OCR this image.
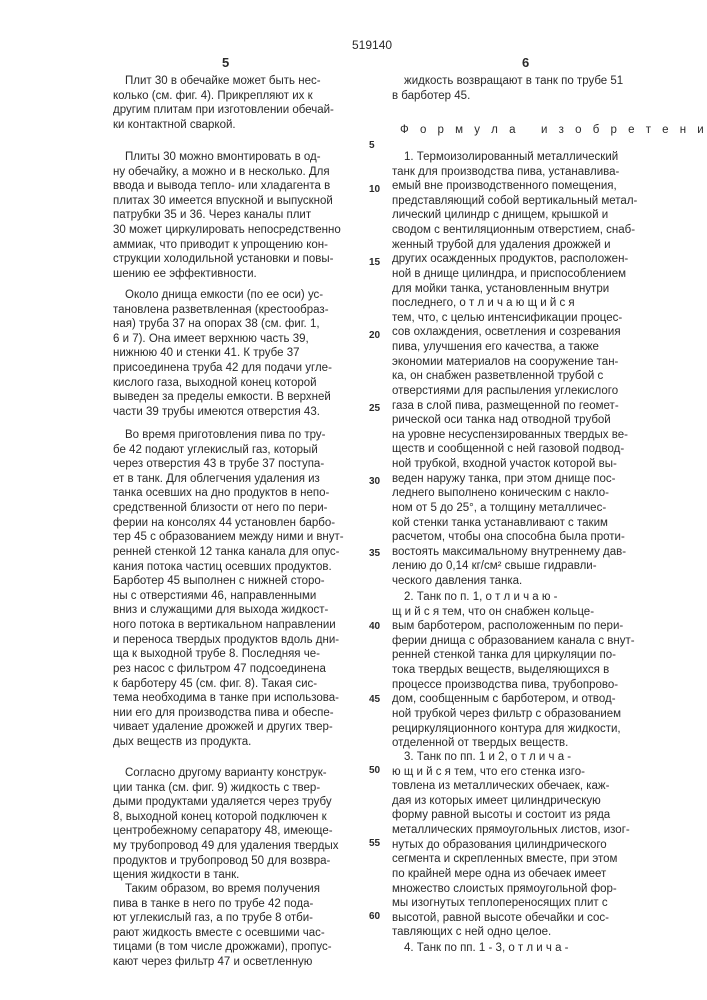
519140
5	6
Ф о р м у л а   и з о б р е т е н и я
5
10
15
20
25
30
35
40
45
50
55
60
Плит 30 в обечайке может быть нес-
колько (см. фиг. 4). Прикрепляют их к
другим плитам при изготовлении обечай-
ки контактной сваркой.
Плиты 30 можно вмонтировать в од-
ну обечайку, а можно и в несколько. Для
ввода и вывода тепло- или хладагента в
плитах 30 имеется впускной и выпускной
патрубки 35 и 36. Через каналы плит
30 может циркулировать непосредственно
аммиак, что приводит к упрощению кон-
струкции холодильной установки и повы-
шению ее эффективности.
Около днища емкости (по ее оси) ус-
тановлена разветвленная (крестообраз-
ная) труба 37 на опорах 38 (см. фиг. 1,
6 и 7). Она имеет верхнюю часть 39,
нижнюю 40 и стенки 41. К трубе 37
присоединена труба 42 для подачи угле-
кислого газа, выходной конец которой
выведен за пределы емкости. В верхней
части 39 трубы имеются отверстия 43.
Во время приготовления пива по тру-
бе 42 подают углекислый газ, который
через отверстия 43 в трубе 37 поступа-
ет в танк. Для облегчения удаления из
танка осевших на дно продуктов в непо-
средственной близости от него по пери-
ферии на консолях 44 установлен барбо-
тер 45 с образованием между ними и внут-
ренней стенкой 12 танка канала для опус-
кания потока частиц осевших продуктов.
Барботер 45 выполнен с нижней сторо-
ны с отверстиями 46, направленными
вниз и служащими для выхода жидкост-
ного потока в вертикальном направлении
и переноса твердых продуктов вдоль дни-
ща к выходной трубе 8. Последняя че-
рез насос с фильтром 47 подсоединена
к барботеру 45 (см. фиг. 8). Такая сис-
тема необходима в танке при использова-
нии его для производства пива и обеспе-
чивает удаление дрожжей и других твер-
дых веществ из продукта.
Согласно другому варианту конструк-
ции танка (см. фиг. 9) жидкость с твер-
дыми продуктами удаляется через трубу
8, выходной конец которой подключен к
центробежному сепаратору 48, имеюще-
му трубопровод 49 для удаления твердых
продуктов и трубопровод 50 для возвра-
щения жидкости в танк.
Таким образом, во время получения
пива в танке в него по трубе 42 пода-
ют углекислый газ, а по трубе 8 отби-
рают жидкость вместе с осевшими час-
тицами (в том числе дрожжами), пропус-
кают через фильтр 47 и осветленную
жидкость возвращают в танк по трубе 51
в барботер 45.
1. Термоизолированный металлический
танк для производства пива, устанавлива-
емый вне производственного помещения,
представляющий собой вертикальный метал-
лический цилиндр с днищем, крышкой и
сводом с вентиляционным отверстием, снаб-
женный трубой для удаления дрожжей и
других осажденных продуктов, расположен-
ной в днище цилиндра, и приспособлением
для мойки танка, установленным внутри
последнего, о т л и ч а ю щ и й с я
тем, что, с целью интенсификации процес-
сов охлаждения, осветления и созревания
пива, улучшения его качества, а также
экономии материалов на сооружение тан-
ка, он снабжен разветвленной трубой с
отверстиями для распыления углекислого
газа в слой пива, размещенной по геомет-
рической оси танка над отводной трубой
на уровне несуспензированных твердых ве-
ществ и сообщенной с ней газовой подвод-
ной трубкой, входной участок которой вы-
веден наружу танка, при этом днище пос-
леднего выполнено коническим с накло-
ном от 5 до 25°, а толщину металличес-
кой стенки танка устанавливают с таким
расчетом, чтобы она способна была проти-
востоять максимальному внутреннему дав-
лению до 0,14 кг/см² свыше гидравли-
ческого давления танка.
2. Танк по п. 1, о т л и ч а ю -
щ и й с я тем, что он снабжен кольце-
вым барботером, расположенным по пери-
ферии днища с образованием канала с внут-
ренней стенкой танка для циркуляции по-
тока твердых веществ, выделяющихся в
процессе производства пива, трубопрово-
дом, сообщенным с барботером, и отвод-
ной трубкой через фильтр с образованием
рециркуляционного контура для жидкости,
отделенной от твердых веществ.
3. Танк по пп. 1 и 2, о т л и ч а -
ю щ и й с я тем, что его стенка изго-
товлена из металлических обечаек, каж-
дая из которых имеет цилиндрическую
форму равной высоты и состоит из ряда
металлических прямоугольных листов, изог-
нутых до образования цилиндрического
сегмента и скрепленных вместе, при этом
по крайней мере одна из обечаек имеет
множество слоистых прямоугольной фор-
мы изогнутых теплопереносящих плит с
высотой, равной высоте обечайки и сос-
тавляющих с ней одно целое.
4. Танк по пп. 1 - 3, о т л и ч а -
